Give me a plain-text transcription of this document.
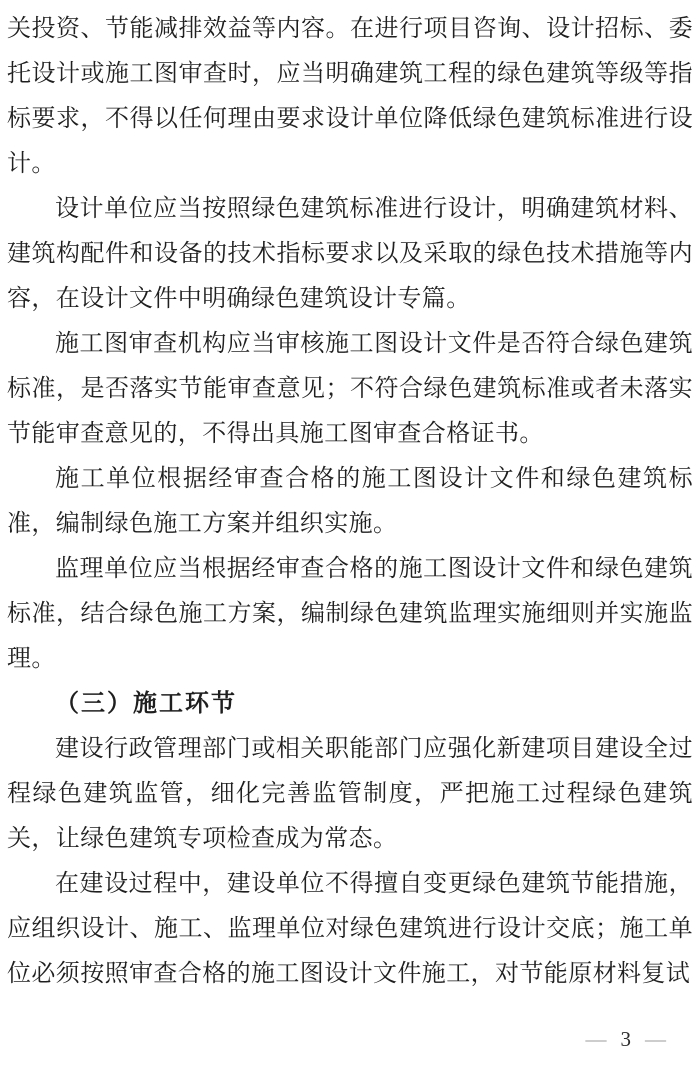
关投资、节能减排效益等内容。在进行项目咨询、设计招标、委托设计或施工图审查时，应当明确建筑工程的绿色建筑等级等指标要求，不得以任何理由要求设计单位降低绿色建筑标准进行设计。

设计单位应当按照绿色建筑标准进行设计，明确建筑材料、建筑构配件和设备的技术指标要求以及采取的绿色技术措施等内容，在设计文件中明确绿色建筑设计专篇。

施工图审查机构应当审核施工图设计文件是否符合绿色建筑标准，是否落实节能审查意见；不符合绿色建筑标准或者未落实节能审查意见的，不得出具施工图审查合格证书。

施工单位根据经审查合格的施工图设计文件和绿色建筑标准，编制绿色施工方案并组织实施。

监理单位应当根据经审查合格的施工图设计文件和绿色建筑标准，结合绿色施工方案，编制绿色建筑监理实施细则并实施监理。

（三）施工环节

建设行政管理部门或相关职能部门应强化新建项目建设全过程绿色建筑监管，细化完善监管制度，严把施工过程绿色建筑关，让绿色建筑专项检查成为常态。

在建设过程中，建设单位不得擅自变更绿色建筑节能措施，应组织设计、施工、监理单位对绿色建筑进行设计交底；施工单位必须按照审查合格的施工图设计文件施工，对节能原材料复试

— 3 —
